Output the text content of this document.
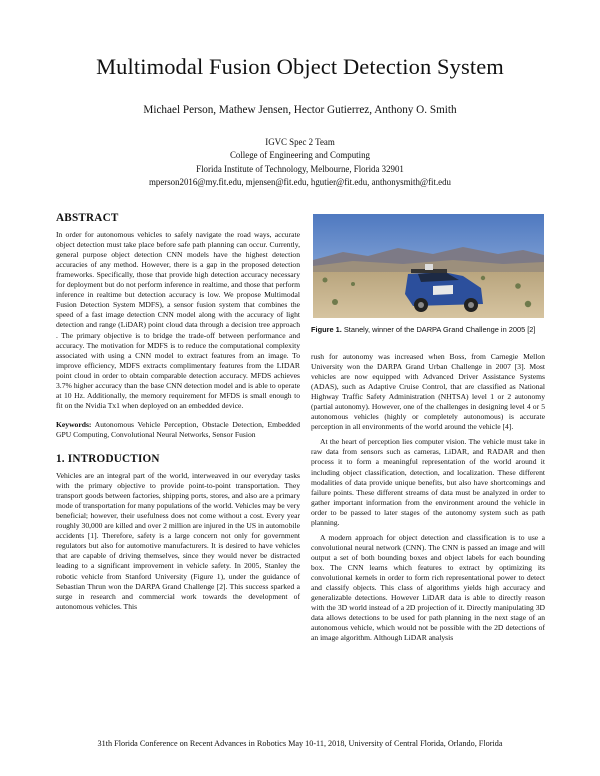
Multimodal Fusion Object Detection System
Michael Person, Mathew Jensen, Hector Gutierrez, Anthony O. Smith
IGVC Spec 2 Team
College of Engineering and Computing
Florida Institute of Technology, Melbourne, Florida 32901
mperson2016@my.fit.edu, mjensen@fit.edu, hgutier@fit.edu, anthonysmith@fit.edu
ABSTRACT

In order for autonomous vehicles to safely navigate the road ways, accurate object detection must take place before safe path planning can occur. Currently, general purpose object detection CNN models have the highest detection accuracies of any method. However, there is a gap in the proposed detection frameworks. Specifically, those that provide high detection accuracy necessary for deployment but do not perform inference in realtime, and those that perform inference in realtime but detection accuracy is low. We propose Multimodal Fusion Detection System MDFS), a sensor fusion system that combines the speed of a fast image detection CNN model along with the accuracy of light detection and range (LiDAR) point cloud data through a decision tree approach . The primary objective is to bridge the trade-off between performance and accuracy. The motivation for MDFS is to reduce the computational complexity associated with using a CNN model to extract features from an image. To improve efficiency, MDFS extracts complimentary features from the LIDAR point cloud in order to obtain comparable detection accuracy. MFDS achieves 3.7% higher accuracy than the base CNN detection model and is able to operate at 10 Hz. Additionally, the memory requirement for MFDS is small enough to fit on the Nvidia Tx1 when deployed on an embedded device.

Keywords: Autonomous Vehicle Perception, Obstacle Detection, Embedded GPU Computing, Convolutional Neural Networks, Sensor Fusion

1. INTRODUCTION

Vehicles are an integral part of the world, interweaved in our everyday tasks with the primary objective to provide point-to-point transportation. They transport goods between factories, shipping ports, stores, and also are a primary mode of transportation for many populations of the world. Vehicles may be very beneficial; however, their usefulness does not come without a cost. Every year roughly 30,000 are killed and over 2 million are injured in the US in automobile accidents [1]. Therefore, safety is a large concern not only for government regulators but also for automotive manufacturers. It is desired to have vehicles that are capable of driving themselves, since they would never be distracted leading to a significant improvement in vehicle safety. In 2005, Stanley the robotic vehicle from Stanford University (Figure 1), under the guidance of Sebastian Thrun won the DARPA Grand Challenge [2]. This success sparked a surge in research and commercial work towards the development of autonomous vehicles. This

Figure 1. Stanely, winner of the DARPA Grand Challenge in 2005 [2]

rush for autonomy was increased when Boss, from Carnegie Mellon University won the DARPA Grand Urban Challenge in 2007 [3]. Most vehicles are now equipped with Advanced Driver Assistance Systems (ADAS), such as Adaptive Cruise Control, that are classified as National Highway Traffic Safety Administration (NHTSA) level 1 or 2 autonomy (partial autonomy). However, one of the challenges in designing level 4 or 5 autonomous vehicles (highly or completely autonomous) is accurate perception in all environments of the world around the vehicle [4].

At the heart of perception lies computer vision. The vehicle must take in raw data from sensors such as cameras, LiDAR, and RADAR and then process it to form a meaningful representation of the world around it including object classification, detection, and localization. These different modalities of data provide unique benefits, but also have shortcomings and failure points. These different streams of data must be analyzed in order to gather important information from the environment around the vehicle in order to be passed to later stages of the autonomy system such as path planning.

A modern approach for object detection and classification is to use a convolutional neural network (CNN). The CNN is passed an image and will output a set of both bounding boxes and object labels for each bounding box. The CNN learns which features to extract by optimizing its convolutional kernels in order to form rich representational power to detect and classify objects. This class of algorithms yields high accuracy and generalizable detections. However LiDAR data is able to directly reason with the 3D world instead of a 2D projection of it. Directly manipulating 3D data allows detections to be used for path planning in the next stage of an autonomous vehicle, which would not be possible with the 2D detections of an image algorithm. Although LiDAR analysis

31th Florida Conference on Recent Advances in Robotics May 10-11, 2018, University of Central Florida, Orlando, Florida
